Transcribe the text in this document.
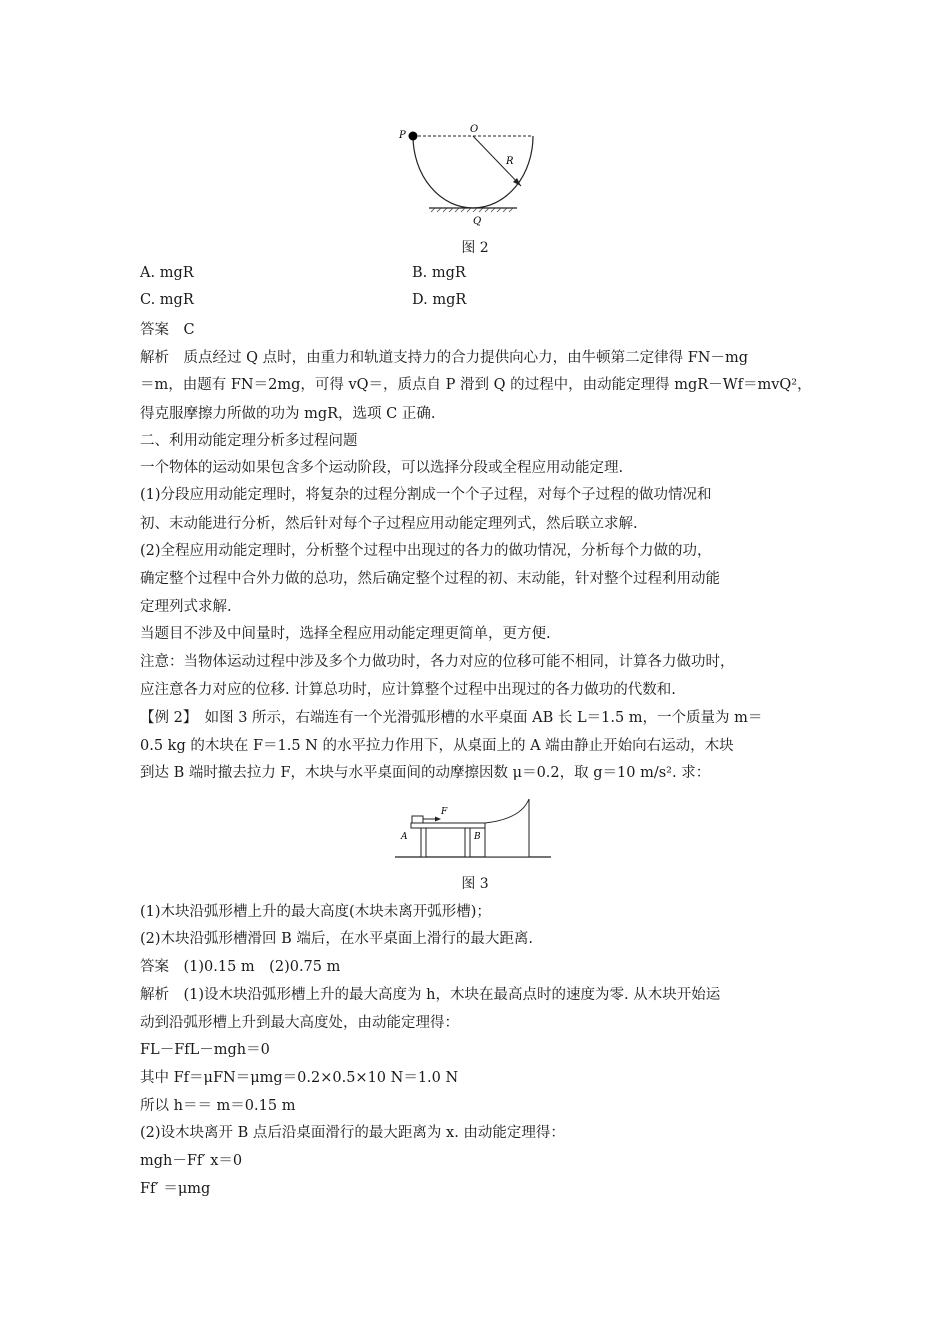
P
O
R
Q
图 2
A. mgR	B. mgR
C. mgR	D. mgR
答案　C
解析　质点经过 Q 点时，由重力和轨道支持力的合力提供向心力，由牛顿第二定律得 FN－mg
＝m，由题有 FN＝2mg，可得 vQ＝，质点自 P 滑到 Q 的过程中，由动能定理得 mgR－Wf＝mvQ²，
得克服摩擦力所做的功为 mgR，选项 C 正确.
二、利用动能定理分析多过程问题
一个物体的运动如果包含多个运动阶段，可以选择分段或全程应用动能定理.
(1)分段应用动能定理时，将复杂的过程分割成一个个子过程，对每个子过程的做功情况和
初、末动能进行分析，然后针对每个子过程应用动能定理列式，然后联立求解.
(2)全程应用动能定理时，分析整个过程中出现过的各力的做功情况，分析每个力做的功，
确定整个过程中合外力做的总功，然后确定整个过程的初、末动能，针对整个过程利用动能
定理列式求解.
当题目不涉及中间量时，选择全程应用动能定理更简单，更方便.
注意：当物体运动过程中涉及多个力做功时，各力对应的位移可能不相同，计算各力做功时，
应注意各力对应的位移. 计算总功时，应计算整个过程中出现过的各力做功的代数和.
【例 2】　如图 3 所示，右端连有一个光滑弧形槽的水平桌面 AB 长 L＝1.5 m，一个质量为 m＝
0.5 kg 的木块在 F＝1.5 N 的水平拉力作用下，从桌面上的 A 端由静止开始向右运动，木块
到达 B 端时撤去拉力 F，木块与水平桌面间的动摩擦因数 μ＝0.2，取 g＝10 m/s². 求：
F
A	B
图 3
(1)木块沿弧形槽上升的最大高度(木块未离开弧形槽)；
(2)木块沿弧形槽滑回 B 端后，在水平桌面上滑行的最大距离.
答案　(1)0.15 m　(2)0.75 m
解析　(1)设木块沿弧形槽上升的最大高度为 h，木块在最高点时的速度为零. 从木块开始运
动到沿弧形槽上升到最大高度处，由动能定理得：
FL－FfL－mgh＝0
其中 Ff＝μFN＝μmg＝0.2×0.5×10 N＝1.0 N
所以 h＝＝ m＝0.15 m
(2)设木块离开 B 点后沿桌面滑行的最大距离为 x. 由动能定理得：
mgh－Ff′ x＝0
Ff′ ＝μmg
